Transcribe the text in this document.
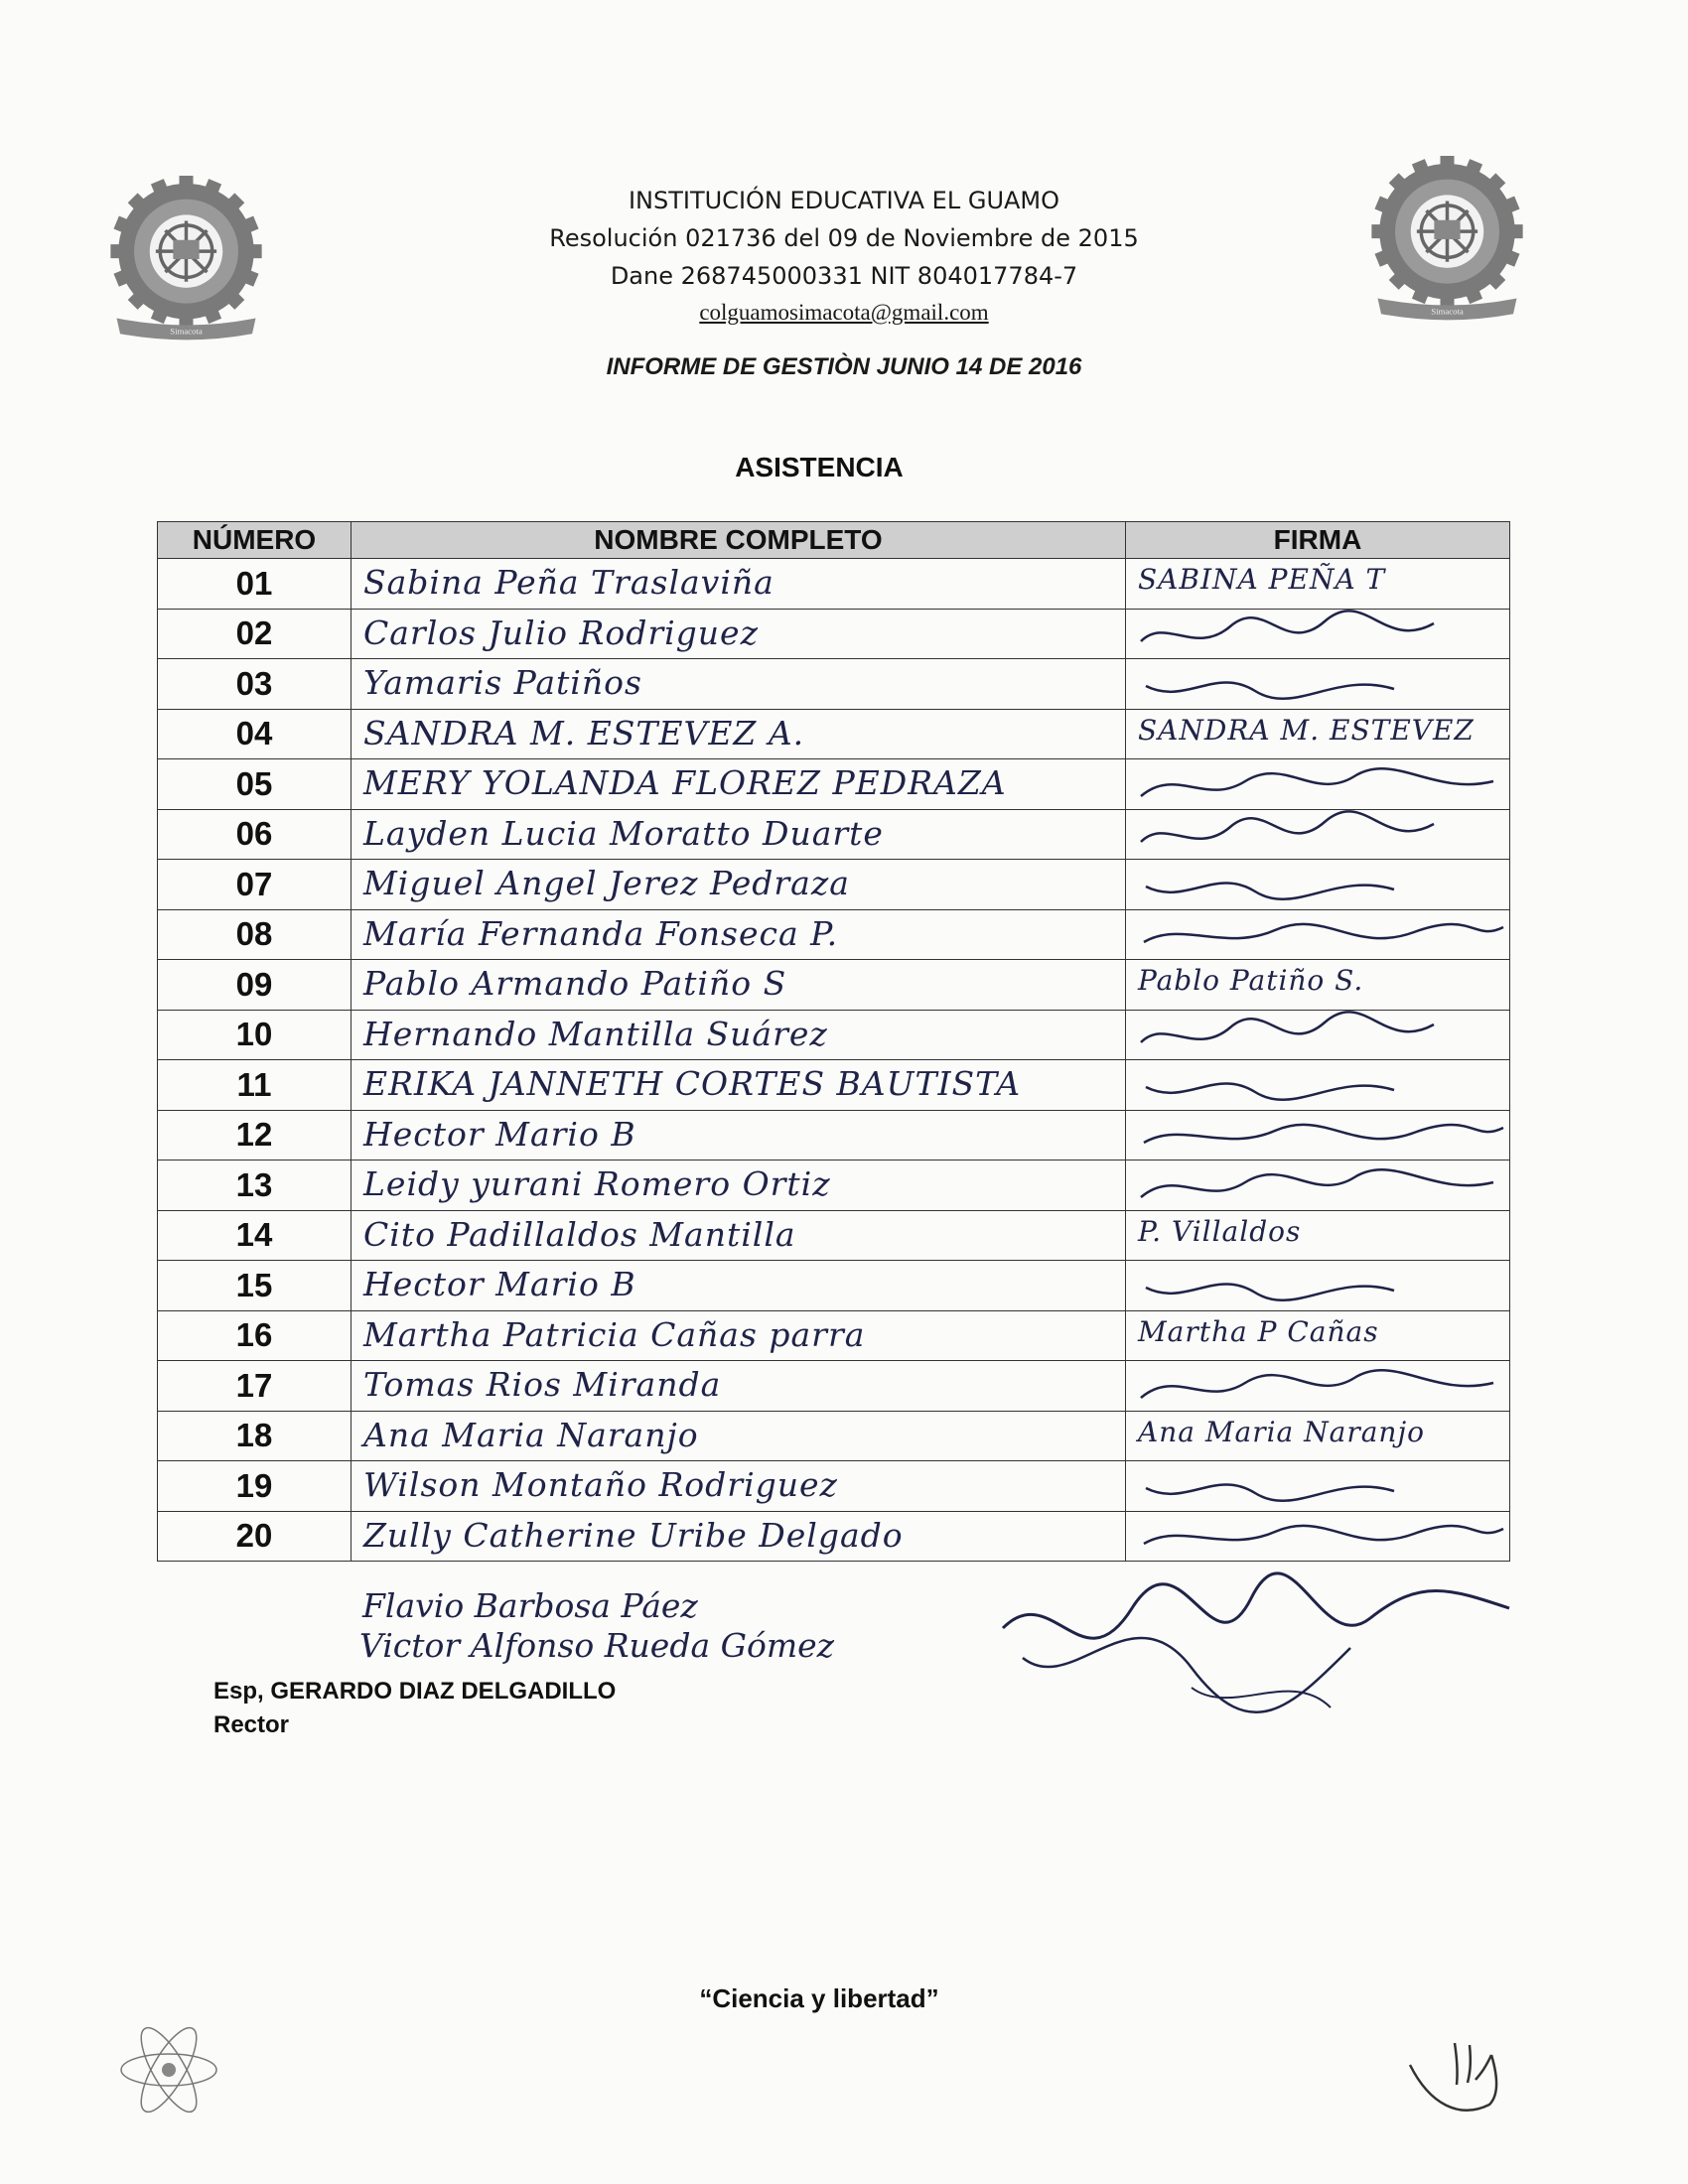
Simacota
Simacota
INSTITUCIÓN EDUCATIVA EL GUAMO
Resolución 021736 del 09 de Noviembre de 2015
Dane 268745000331 NIT 804017784-7
colguamosimacota@gmail.com
INFORME DE GESTIÒN JUNIO 14 DE 2016
ASISTENCIA
NÚMERO	NOMBRE COMPLETO	FIRMA
01	Sabina Peña Traslaviña	SABINA PEÑA T

02	Carlos Julio Rodriguez

03	Yamaris Patiños

04	SANDRA M. ESTEVEZ A.	SANDRA M. ESTEVEZ

05	MERY YOLANDA FLOREZ PEDRAZA

06	Layden Lucia Moratto Duarte

07	Miguel Angel Jerez Pedraza

08	María Fernanda Fonseca P.

09	Pablo Armando Patiño S	Pablo Patiño S.

10	Hernando Mantilla Suárez

11	ERIKA JANNETH CORTES BAUTISTA

12	Hector Mario B

13	Leidy yurani Romero Ortiz

14	Cito Padillaldos Mantilla	P. Villaldos

15	Hector Mario B

16	Martha Patricia Cañas parra	Martha P Cañas

17	Tomas Rios Miranda

18	Ana Maria Naranjo	Ana Maria Naranjo

19	Wilson Montaño Rodriguez

20	Zully Catherine Uribe Delgado

Flavio Barbosa Páez
Victor Alfonso Rueda Gómez
Esp, GERARDO DIAZ DELGADILLO
Rector
“Ciencia y libertad”
